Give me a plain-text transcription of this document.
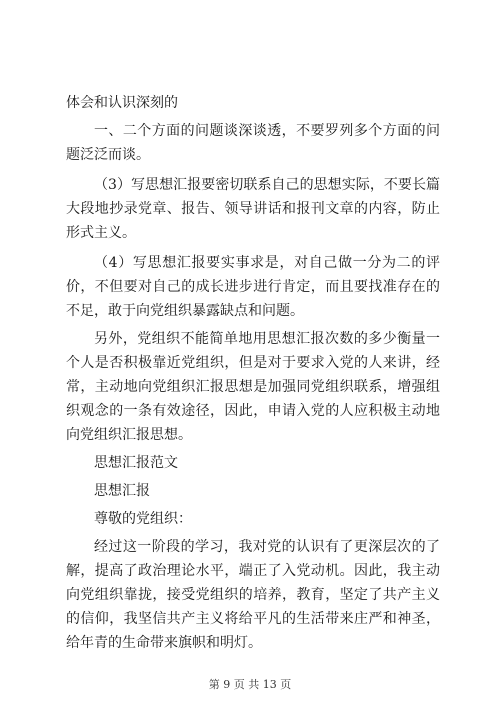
体会和认识深刻的

一、二个方面的问题谈深谈透，不要罗列多个方面的问题泛泛而谈。

（3）写思想汇报要密切联系自己的思想实际，不要长篇大段地抄录党章、报告、领导讲话和报刊文章的内容，防止形式主义。

（4）写思想汇报要实事求是，对自己做一分为二的评价，不但要对自己的成长进步进行肯定，而且要找准存在的不足，敢于向党组织暴露缺点和问题。

另外，党组织不能简单地用思想汇报次数的多少衡量一个人是否积极靠近党组织，但是对于要求入党的人来讲，经常，主动地向党组织汇报思想是加强同党组织联系，增强组织观念的一条有效途径，因此，申请入党的人应积极主动地向党组织汇报思想。

思想汇报范文

思想汇报

尊敬的党组织：

经过这一阶段的学习，我对党的认识有了更深层次的了解，提高了政治理论水平，端正了入党动机。因此，我主动向党组织靠拢，接受党组织的培养，教育，坚定了共产主义的信仰，我坚信共产主义将给平凡的生活带来庄严和神圣，给年青的生命带来旗帜和明灯。

第 9 页 共 13 页
